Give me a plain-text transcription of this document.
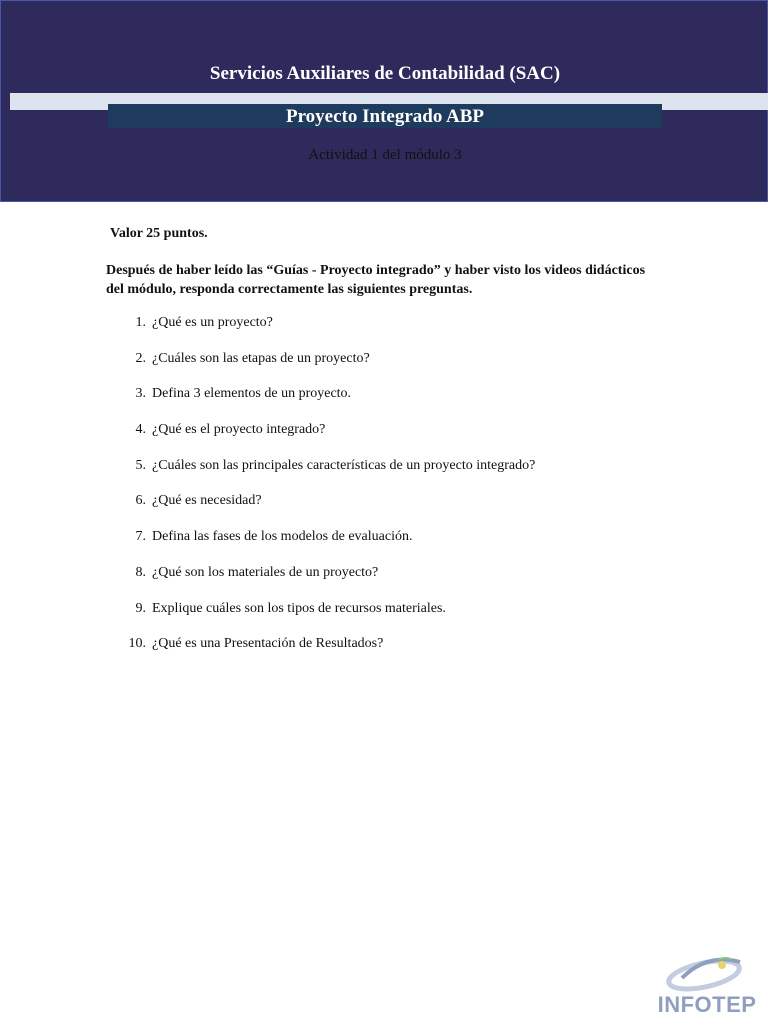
Servicios Auxiliares de Contabilidad (SAC)
Proyecto Integrado ABP
Actividad 1 del módulo 3
Valor 25 puntos.
Después de haber leído las “Guías - Proyecto integrado” y haber visto los videos didácticos del módulo, responda correctamente las siguientes preguntas.
1. ¿Qué es un proyecto?
2. ¿Cuáles son las etapas de un proyecto?
3. Defina 3 elementos de un proyecto.
4. ¿Qué es el proyecto integrado?
5. ¿Cuáles son las principales características de un proyecto integrado?
6. ¿Qué es necesidad?
7. Defina las fases de los modelos de evaluación.
8. ¿Qué son los materiales de un proyecto?
9. Explique cuáles son los tipos de recursos materiales.
10. ¿Qué es una Presentación de Resultados?
INFOTEP
